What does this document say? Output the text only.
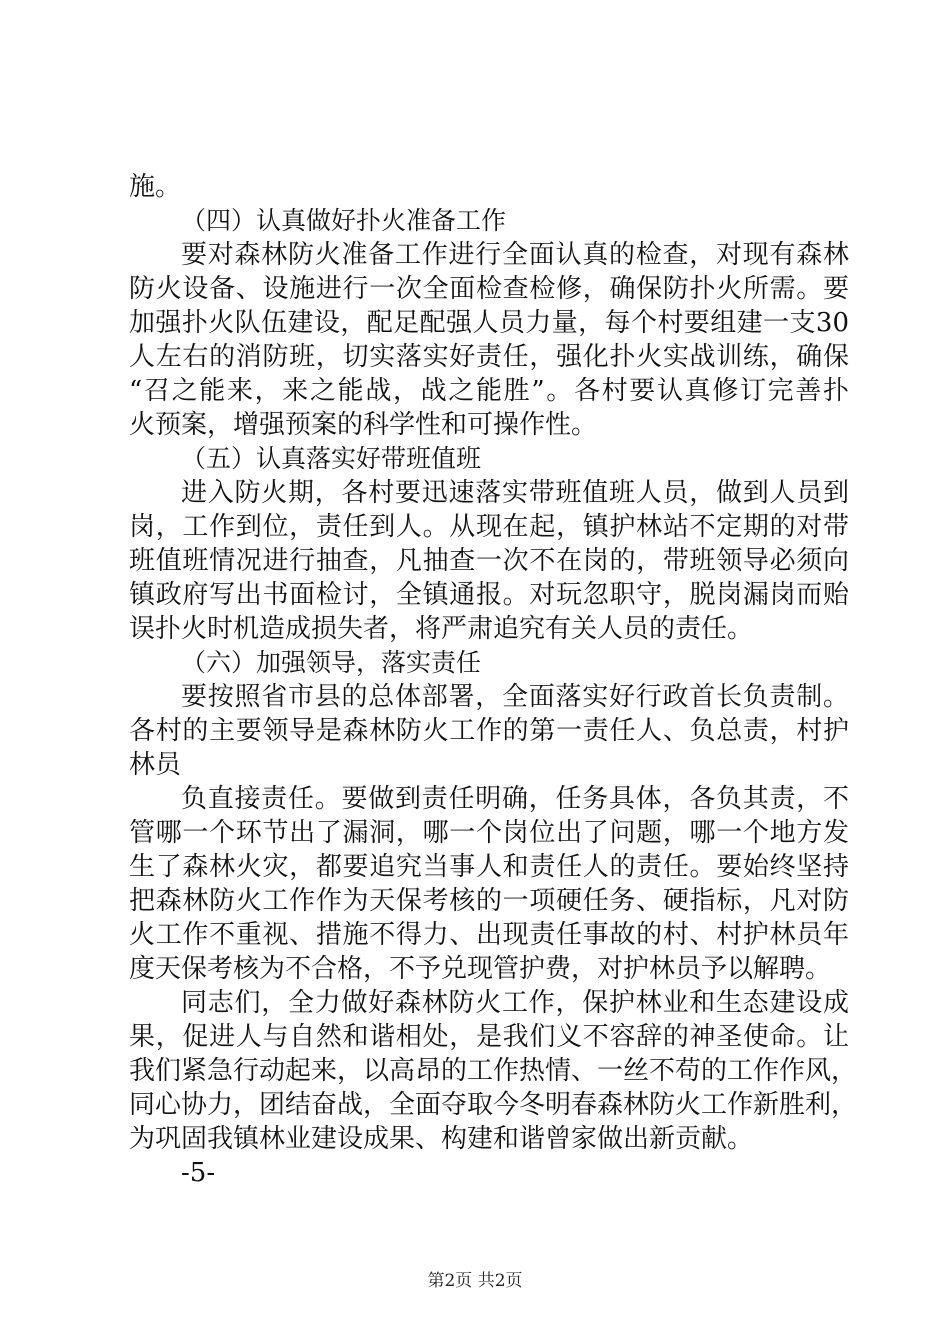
施。
（四）认真做好扑火准备工作
要对森林防火准备工作进行全面认真的检查，对现有森林
防火设备、设施进行一次全面检查检修，确保防扑火所需。要
加强扑火队伍建设，配足配强人员力量，每个村要组建一支30
人左右的消防班，切实落实好责任，强化扑火实战训练，确保
“召之能来，来之能战，战之能胜”。各村要认真修订完善扑
火预案，增强预案的科学性和可操作性。
（五）认真落实好带班值班
进入防火期，各村要迅速落实带班值班人员，做到人员到
岗，工作到位，责任到人。从现在起，镇护林站不定期的对带
班值班情况进行抽查，凡抽查一次不在岗的，带班领导必须向
镇政府写出书面检讨，全镇通报。对玩忽职守，脱岗漏岗而贻
误扑火时机造成损失者，将严肃追究有关人员的责任。
（六）加强领导，落实责任
要按照省市县的总体部署，全面落实好行政首长负责制。
各村的主要领导是森林防火工作的第一责任人、负总责，村护
林员
负直接责任。要做到责任明确，任务具体，各负其责，不
管哪一个环节出了漏洞，哪一个岗位出了问题，哪一个地方发
生了森林火灾，都要追究当事人和责任人的责任。要始终坚持
把森林防火工作作为天保考核的一项硬任务、硬指标，凡对防
火工作不重视、措施不得力、出现责任事故的村、村护林员年
度天保考核为不合格，不予兑现管护费，对护林员予以解聘。
同志们，全力做好森林防火工作，保护林业和生态建设成
果，促进人与自然和谐相处，是我们义不容辞的神圣使命。让
我们紧急行动起来，以高昂的工作热情、一丝不苟的工作作风，
同心协力，团结奋战，全面夺取今冬明春森林防火工作新胜利，
为巩固我镇林业建设成果、构建和谐曾家做出新贡献。
-5-
第2页 共2页
